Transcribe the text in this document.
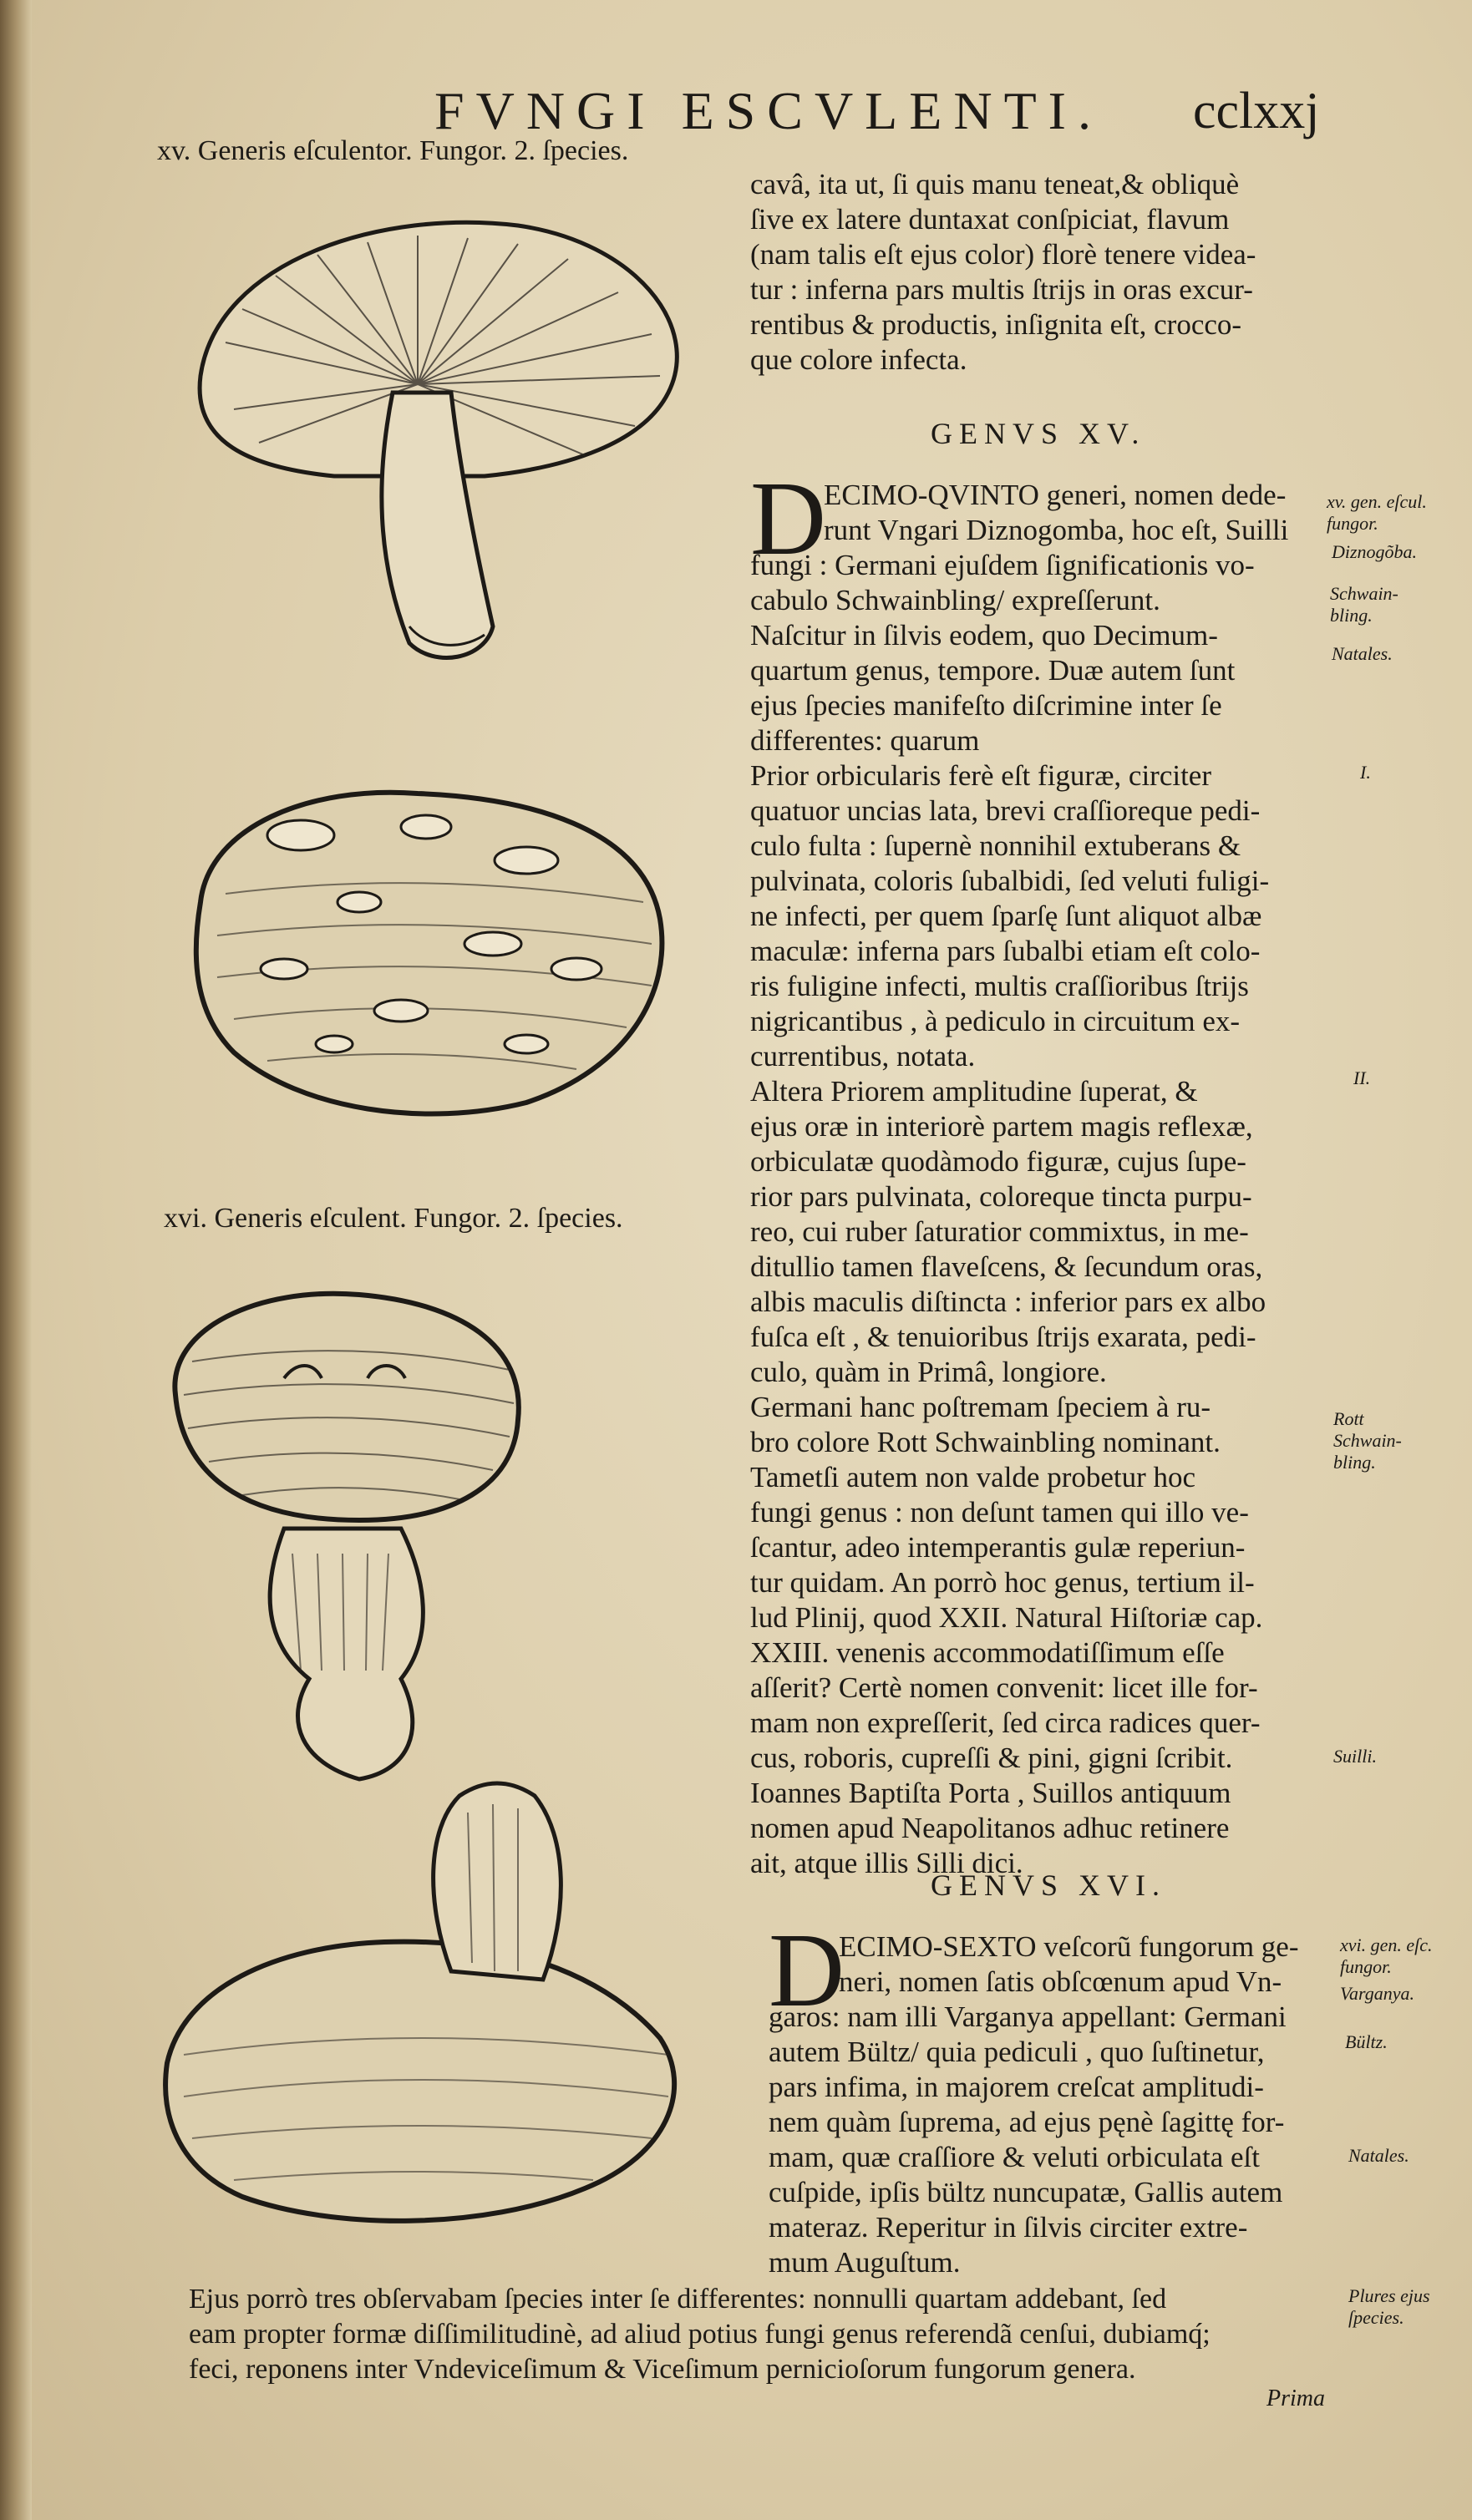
FVNGI ESCVLENTI. cclxxj
xv. Generis eſculentor. Fungor. 2. ſpecies.
xvi. Generis eſculent. Fungor. 2. ſpecies.
cavâ, ita ut, ſi quis manu teneat,& obliquè
ſive ex latere duntaxat conſpiciat, flavum
(nam talis eſt ejus color) florè tenere videa-
tur : inferna pars multis ſtrijs in oras excur-
rentibus & productis, inſignita eſt, crocco-
que colore infecta.
GENVS XV.
D
ECIMO-QVINTO generi, nomen dede-
runt Vngari Diznogomba, hoc eſt, Suilli
fungi : Germani ejuſdem ſignificationis vo-
cabulo Schwainbling/ expreſſerunt.
Naſcitur in ſilvis eodem, quo Decimum-
quartum genus, tempore. Duæ autem ſunt
ejus ſpecies manifeſto diſcrimine inter ſe
differentes: quarum
Prior orbicularis ferè eſt figuræ, circiter
quatuor uncias lata, brevi craſſioreque pedi-
culo fulta : ſupernè nonnihil extuberans &
pulvinata, coloris ſubalbidi, ſed veluti fuligi-
ne infecti, per quem ſparſę ſunt aliquot albæ
maculæ: inferna pars ſubalbi etiam eſt colo-
ris fuligine infecti, multis craſſioribus ſtrijs
nigricantibus , à pediculo in circuitum ex-
currentibus, notata.
Altera Priorem amplitudine ſuperat, &
ejus oræ in interiorè partem magis reflexæ,
orbiculatæ quodàmodo figuræ, cujus ſupe-
rior pars pulvinata, coloreque tincta purpu-
reo, cui ruber ſaturatior commixtus, in me-
ditullio tamen flaveſcens, & ſecundum oras,
albis maculis diſtincta : inferior pars ex albo
fuſca eſt , & tenuioribus ſtrijs exarata, pedi-
culo, quàm in Primâ, longiore.
Germani hanc poſtremam ſpeciem à ru-
bro colore Rott Schwainbling nominant.
Tametſi autem non valde probetur hoc
fungi genus : non deſunt tamen qui illo ve-
ſcantur, adeo intemperantis gulæ reperiun-
tur quidam. An porrò hoc genus, tertium il-
lud Plinij, quod XXII. Natural Hiſtoriæ cap.
XXIII. venenis accommodatiſſimum eſſe
aſſerit? Certè nomen convenit: licet ille for-
mam non expreſſerit, ſed circa radices quer-
cus, roboris, cupreſſi & pini, gigni ſcribit.
Ioannes Baptiſta Porta , Suillos antiquum
nomen apud Neapolitanos adhuc retinere
ait, atque illis Silli dici.
GENVS XVI.
D
ECIMO-SEXTO veſcorũ fungorum ge-
neri, nomen ſatis obſcœnum apud Vn-
garos: nam illi Varganya appellant: Germani
autem Bültz/ quia pediculi , quo ſuſtinetur,
pars infima, in majorem creſcat amplitudi-
nem quàm ſuprema, ad ejus pęnè ſagittę for-
mam, quæ craſſiore & veluti orbiculata eſt
cuſpide, ipſis bültz nuncupatæ, Gallis autem
materaz. Reperitur in ſilvis circiter extre-
mum Auguſtum.
Ejus porrò tres obſervabam ſpecies inter ſe differentes: nonnulli quartam addebant, ſed
eam propter formæ diſſimilitudinè, ad aliud potius fungi genus referendã cenſui, dubiamq́;
feci, reponens inter Vndeviceſimum & Viceſimum pernicioſorum fungorum genera.
Prima
xv. gen. eſcul. fungor.
Diznogõba.
Schwain- bling.
Natales.
I.
II.
Rott Schwain- bling.
Suilli.
xvi. gen. eſc. fungor.
Varganya.
Bültz.
Natales.
Plures ejus ſpecies.
